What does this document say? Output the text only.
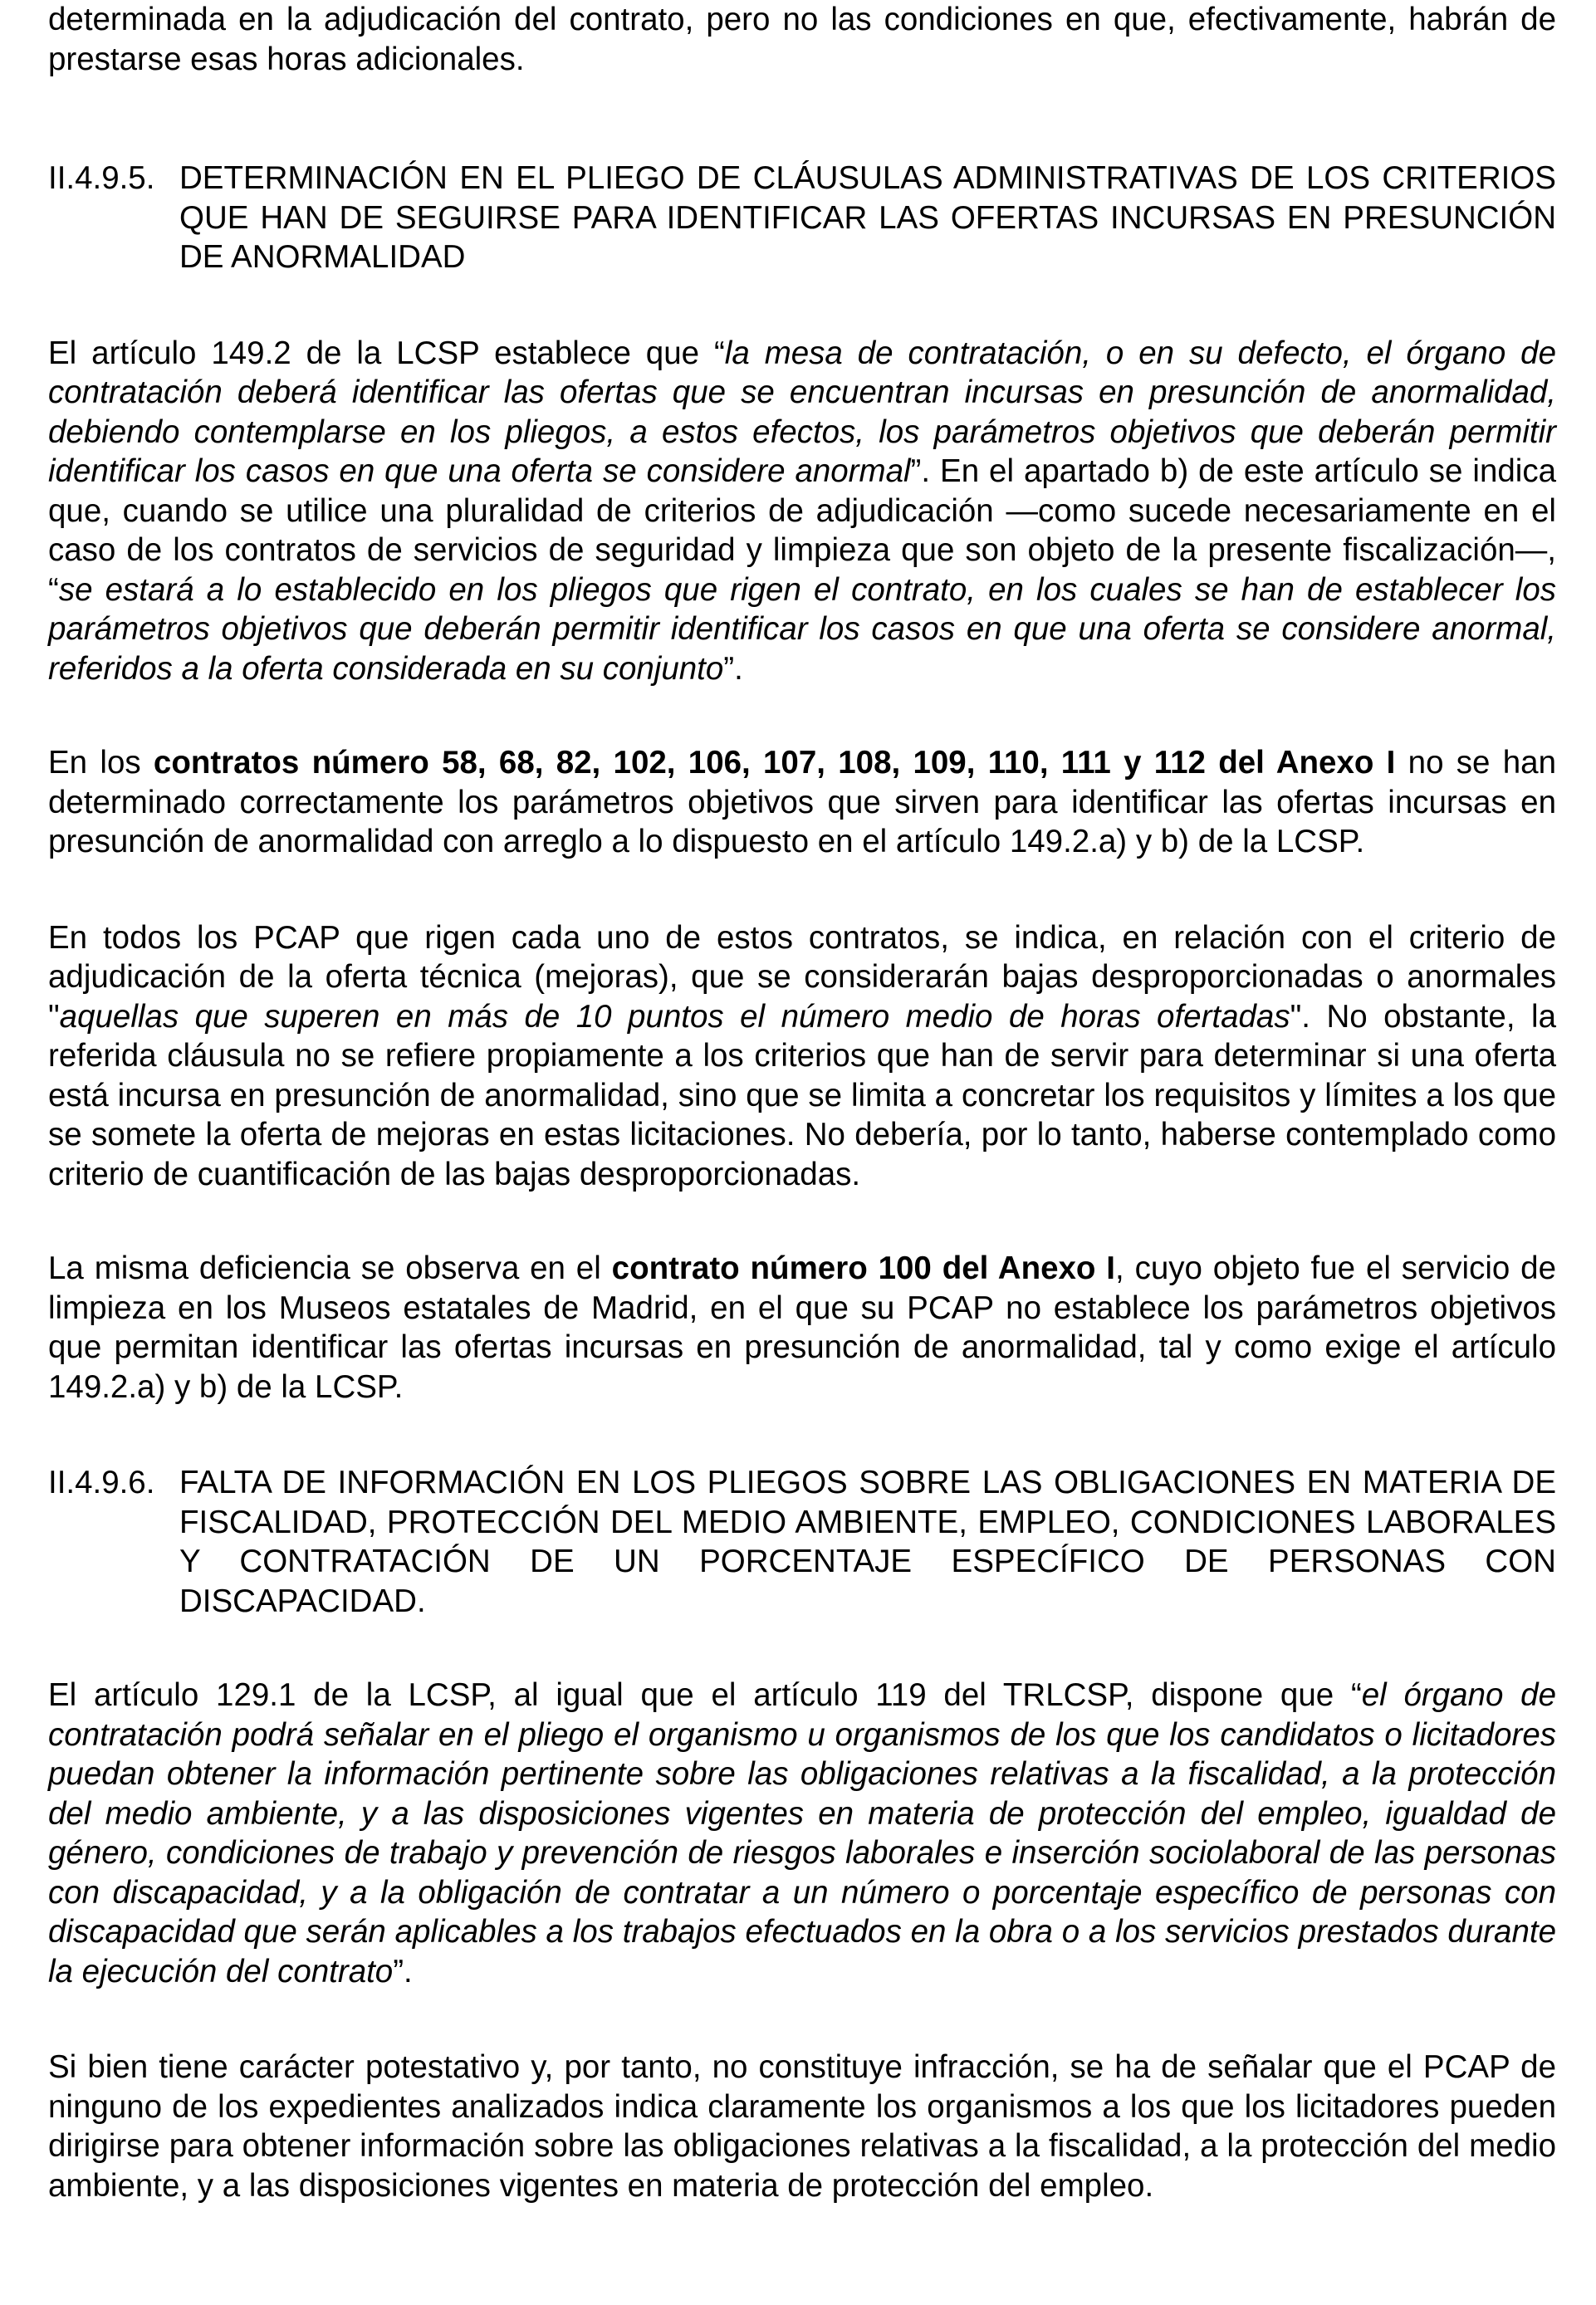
determinada en la adjudicación del contrato, pero no las condiciones en que, efectivamente, habrán de prestarse esas horas adicionales.

II.4.9.5. DETERMINACIÓN EN EL PLIEGO DE CLÁUSULAS ADMINISTRATIVAS DE LOS CRITERIOS QUE HAN DE SEGUIRSE PARA IDENTIFICAR LAS OFERTAS INCURSAS EN PRESUNCIÓN DE ANORMALIDAD

El artículo 149.2 de la LCSP establece que “la mesa de contratación, o en su defecto, el órgano de contratación deberá identificar las ofertas que se encuentran incursas en presunción de anormalidad, debiendo contemplarse en los pliegos, a estos efectos, los parámetros objetivos que deberán permitir identificar los casos en que una oferta se considere anormal”. En el apartado b) de este artículo se indica que, cuando se utilice una pluralidad de criterios de adjudicación —como sucede necesariamente en el caso de los contratos de servicios de seguridad y limpieza que son objeto de la presente fiscalización—, “se estará a lo establecido en los pliegos que rigen el contrato, en los cuales se han de establecer los parámetros objetivos que deberán permitir identificar los casos en que una oferta se considere anormal, referidos a la oferta considerada en su conjunto”.

En los contratos número 58, 68, 82, 102, 106, 107, 108, 109, 110, 111 y 112 del Anexo I no se han determinado correctamente los parámetros objetivos que sirven para identificar las ofertas incursas en presunción de anormalidad con arreglo a lo dispuesto en el artículo 149.2.a) y b) de la LCSP.

En todos los PCAP que rigen cada uno de estos contratos, se indica, en relación con el criterio de adjudicación de la oferta técnica (mejoras), que se considerarán bajas desproporcionadas o anormales "aquellas que superen en más de 10 puntos el número medio de horas ofertadas". No obstante, la referida cláusula no se refiere propiamente a los criterios que han de servir para determinar si una oferta está incursa en presunción de anormalidad, sino que se limita a concretar los requisitos y límites a los que se somete la oferta de mejoras en estas licitaciones. No debería, por lo tanto, haberse contemplado como criterio de cuantificación de las bajas desproporcionadas.

La misma deficiencia se observa en el contrato número 100 del Anexo I, cuyo objeto fue el servicio de limpieza en los Museos estatales de Madrid, en el que su PCAP no establece los parámetros objetivos que permitan identificar las ofertas incursas en presunción de anormalidad, tal y como exige el artículo 149.2.a) y b) de la LCSP.

II.4.9.6. FALTA DE INFORMACIÓN EN LOS PLIEGOS SOBRE LAS OBLIGACIONES EN MATERIA DE FISCALIDAD, PROTECCIÓN DEL MEDIO AMBIENTE, EMPLEO, CONDICIONES LABORALES Y CONTRATACIÓN DE UN PORCENTAJE ESPECÍFICO DE PERSONAS CON DISCAPACIDAD.

El artículo 129.1 de la LCSP, al igual que el artículo 119 del TRLCSP, dispone que “el órgano de contratación podrá señalar en el pliego el organismo u organismos de los que los candidatos o licitadores puedan obtener la información pertinente sobre las obligaciones relativas a la fiscalidad, a la protección del medio ambiente, y a las disposiciones vigentes en materia de protección del empleo, igualdad de género, condiciones de trabajo y prevención de riesgos laborales e inserción sociolaboral de las personas con discapacidad, y a la obligación de contratar a un número o porcentaje específico de personas con discapacidad que serán aplicables a los trabajos efectuados en la obra o a los servicios prestados durante la ejecución del contrato”.

Si bien tiene carácter potestativo y, por tanto, no constituye infracción, se ha de señalar que el PCAP de ninguno de los expedientes analizados indica claramente los organismos a los que los licitadores pueden dirigirse para obtener información sobre las obligaciones relativas a la fiscalidad, a la protección del medio ambiente, y a las disposiciones vigentes en materia de protección del empleo.
